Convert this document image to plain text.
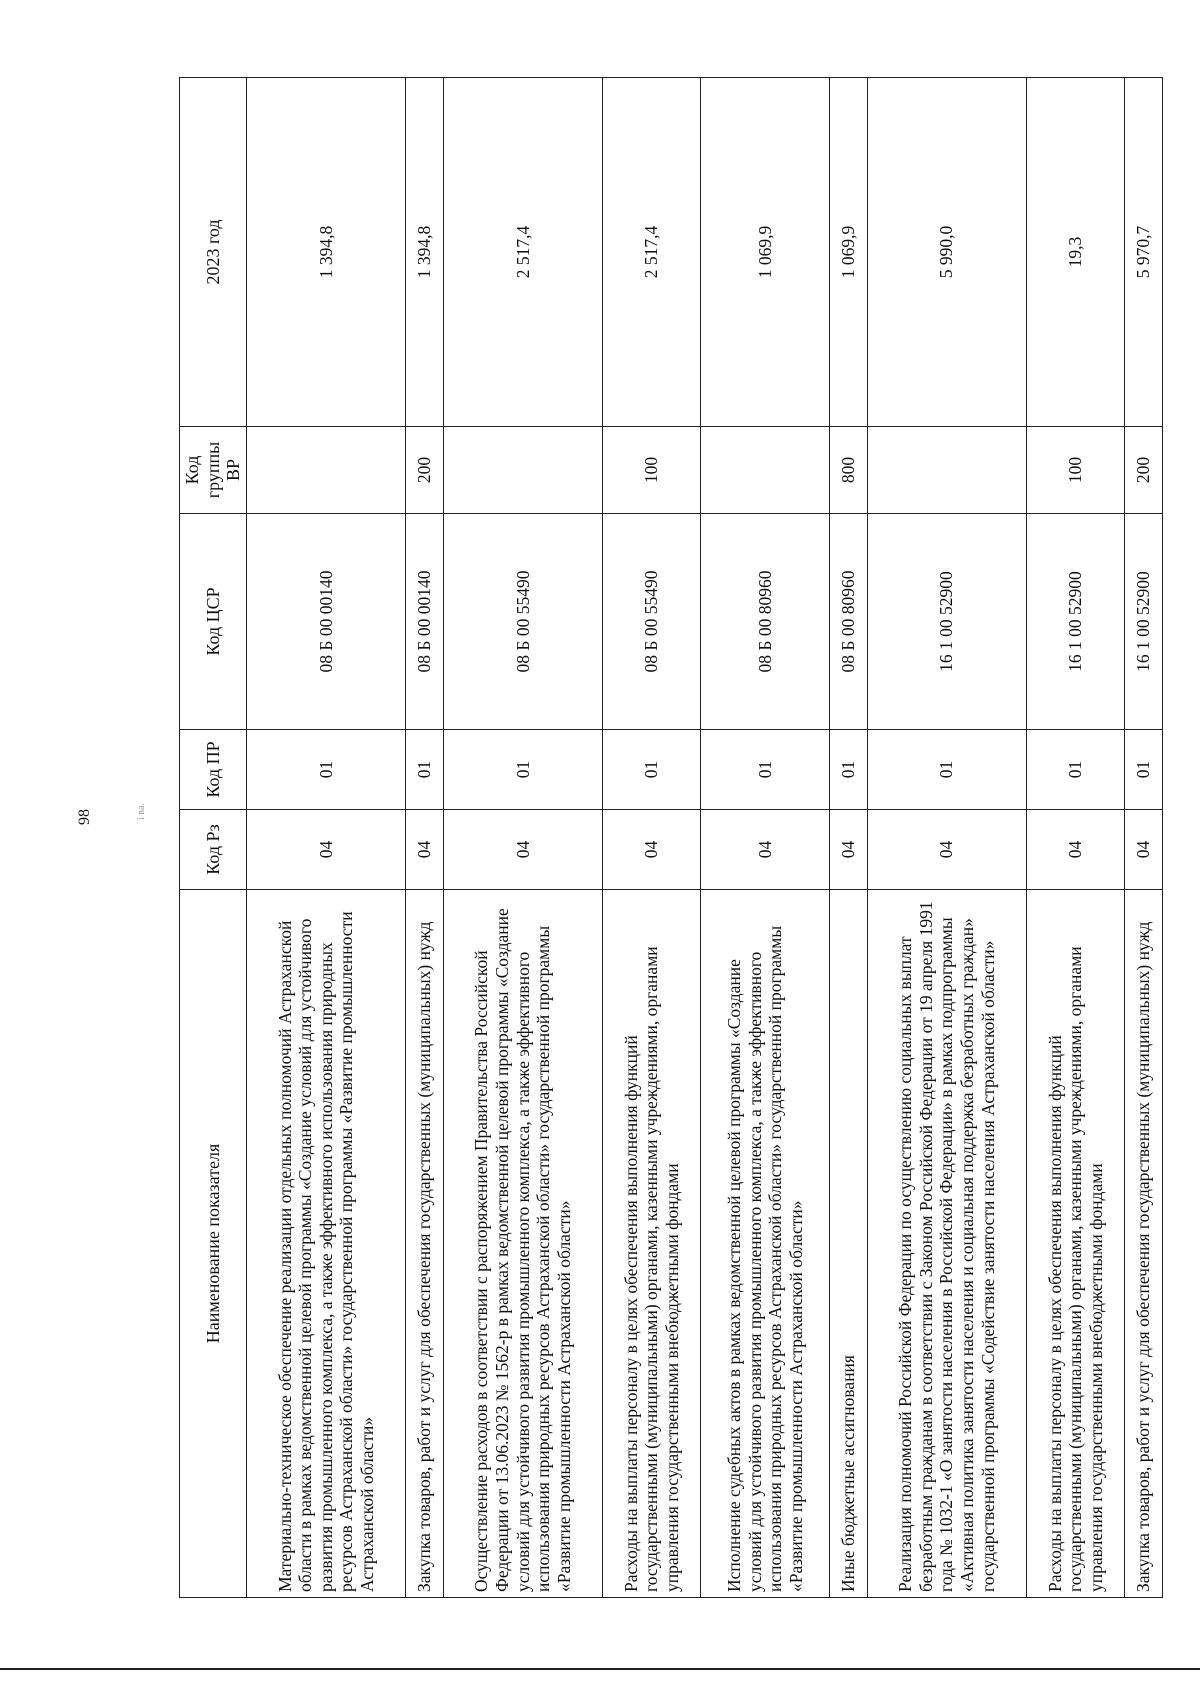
98	i ʙa.
Наименование показателя	Код Рз	Код ПР	Код ЦСР	Код группы ВР	2023 год
Материально-техническое обеспечение реализации отдельных полномочий Астраханской области в рамках ведомственной целевой программы «Создание условий для устойчивого развития промышленного комплекса, а также эффективного использования природных ресурсов Астраханской области» государственной программы «Развитие промышленности Астраханской области»	04	01	08 Б 00 00140		1 394,8
Закупка товаров, работ и услуг для обеспечения государственных (муниципальных) нужд	04	01	08 Б 00 00140	200	1 394,8
Осуществление расходов в соответствии с распоряжением Правительства Российской Федерации от 13.06.2023 № 1562-р в рамках ведомственной целевой программы «Создание условий для устойчивого развития промышленного комплекса, а также эффективного использования природных ресурсов Астраханской области» государственной программы «Развитие промышленности Астраханской области»	04	01	08 Б 00 55490		2 517,4
Расходы на выплаты персоналу в целях обеспечения выполнения функций государственными (муниципальными) органами, казенными учреждениями, органами управления государственными внебюджетными фондами	04	01	08 Б 00 55490	100	2 517,4
Исполнение судебных актов в рамках ведомственной целевой программы «Создание условий для устойчивого развития промышленного комплекса, а также эффективного использования природных ресурсов Астраханской области» государственной программы «Развитие промышленности Астраханской области»	04	01	08 Б 00 80960		1 069,9
Иные бюджетные ассигнования	04	01	08 Б 00 80960	800	1 069,9
Реализация полномочий Российской Федерации по осуществлению социальных выплат безработным гражданам в соответствии с Законом Российской Федерации от 19 апреля 1991 года № 1032-1 «О занятости населения в Российской Федерации» в рамках подпрограммы «Активная политика занятости населения и социальная поддержка безработных граждан» государственной программы «Содействие занятости населения Астраханской области»	04	01	16 1 00 52900		5 990,0
Расходы на выплаты персоналу в целях обеспечения выполнения функций государственными (муниципальными) органами, казенными учреждениями, органами управления государственными внебюджетными фондами	04	01	16 1 00 52900	100	19,3
Закупка товаров, работ и услуг для обеспечения государственных (муниципальных) нужд	04	01	16 1 00 52900	200	5 970,7
